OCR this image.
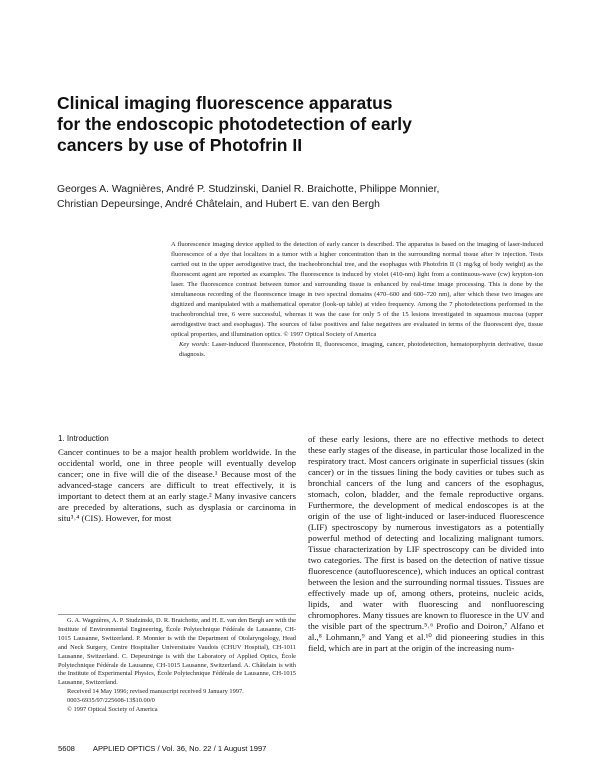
Clinical imaging fluorescence apparatus
for the endoscopic photodetection of early
cancers by use of Photofrin II
Georges A. Wagnières, André P. Studzinski, Daniel R. Braichotte, Philippe Monnier,
Christian Depeursinge, André Châtelain, and Hubert E. van den Bergh

A fluorescence imaging device applied to the detection of early cancer is described. The apparatus is based on the imaging of laser-induced fluorescence of a dye that localizes in a tumor with a higher concentration than in the surrounding normal tissue after iv injection. Tests carried out in the upper aerodigestive tract, the tracheobronchial tree, and the esophagus with Photofrin II (1 mg/kg of body weight) as the fluorescent agent are reported as examples. The fluorescence is induced by violet (410-nm) light from a continuous-wave (cw) krypton-ion laser. The fluorescence contrast between tumor and surrounding tissue is enhanced by real-time image processing. This is done by the simultaneous recording of the fluorescence image in two spectral domains (470–600 and 600–720 nm), after which these two images are digitized and manipulated with a mathematical operator (look-up table) at video frequency. Among the 7 photodetections performed in the tracheobronchial tree, 6 were successful, whereas it was the case for only 5 of the 15 lesions investigated in squamous mucosa (upper aerodigestive tract and esophagus). The sources of false positives and false negatives are evaluated in terms of the fluorescent dye, tissue optical properties, and illumination optics. © 1997 Optical Society of America

Key words: Laser-induced fluorescence, Photofrin II, fluorescence, imaging, cancer, photodetection, hematoporphyrin derivative, tissue diagnosis.

1. Introduction

Cancer continues to be a major health problem worldwide. In the occidental world, one in three people will eventually develop cancer; one in five will die of the disease.¹ Because most of the advanced-stage cancers are difficult to treat effectively, it is important to detect them at an early stage.² Many invasive cancers are preceded by alterations, such as dysplasia or carcinoma in situ³˒⁴ (CIS). However, for most

of these early lesions, there are no effective methods to detect these early stages of the disease, in particular those localized in the respiratory tract. Most cancers originate in superficial tissues (skin cancer) or in the tissues lining the body cavities or tubes such as bronchial cancers of the lung and cancers of the esophagus, stomach, colon, bladder, and the female reproductive organs. Furthermore, the development of medical endoscopes is at the origin of the use of light-induced or laser-induced fluorescence (LIF) spectroscopy by numerous investigators as a potentially powerful method of detecting and localizing malignant tumors. Tissue characterization by LIF spectroscopy can be divided into two categories. The first is based on the detection of native tissue fluorescence (autofluorescence), which induces an optical contrast between the lesion and the surrounding normal tissues. Tissues are effectively made up of, among others, proteins, nucleic acids, lipids, and water with fluorescing and nonfluorescing chromophores. Many tissues are known to fluoresce in the UV and the visible part of the spectrum.⁵˒⁶ Profio and Doiron,⁷ Alfano et al.,⁸ Lohmann,⁹ and Yang et al.¹⁰ did pioneering studies in this field, which are in part at the origin of the increasing num-

G. A. Wagnières, A. P. Studzinski, D. R. Braichotte, and H. E. van den Bergh are with the Institute of Environmental Engineering, École Polytechnique Fédérale de Lausanne, CH-1015 Lausanne, Switzerland. P. Monnier is with the Department of Otolaryngology, Head and Neck Surgery, Centre Hospitalier Universitaire Vaudois (CHUV Hospital), CH-1011 Lausanne, Switzerland. C. Depeursinge is with the Laboratory of Applied Optics, École Polytechnique Fédérale de Lausanne, CH-1015 Lausanne, Switzerland. A. Châtelain is with the Institute of Experimental Physics, École Polytechnique Fédérale de Lausanne, CH-1015 Lausanne, Switzerland.

Received 14 May 1996; revised manuscript received 9 January 1997.

0003-6935/97/225608-13$10.00/0

© 1997 Optical Society of America

5608 APPLIED OPTICS / Vol. 36, No. 22 / 1 August 1997
